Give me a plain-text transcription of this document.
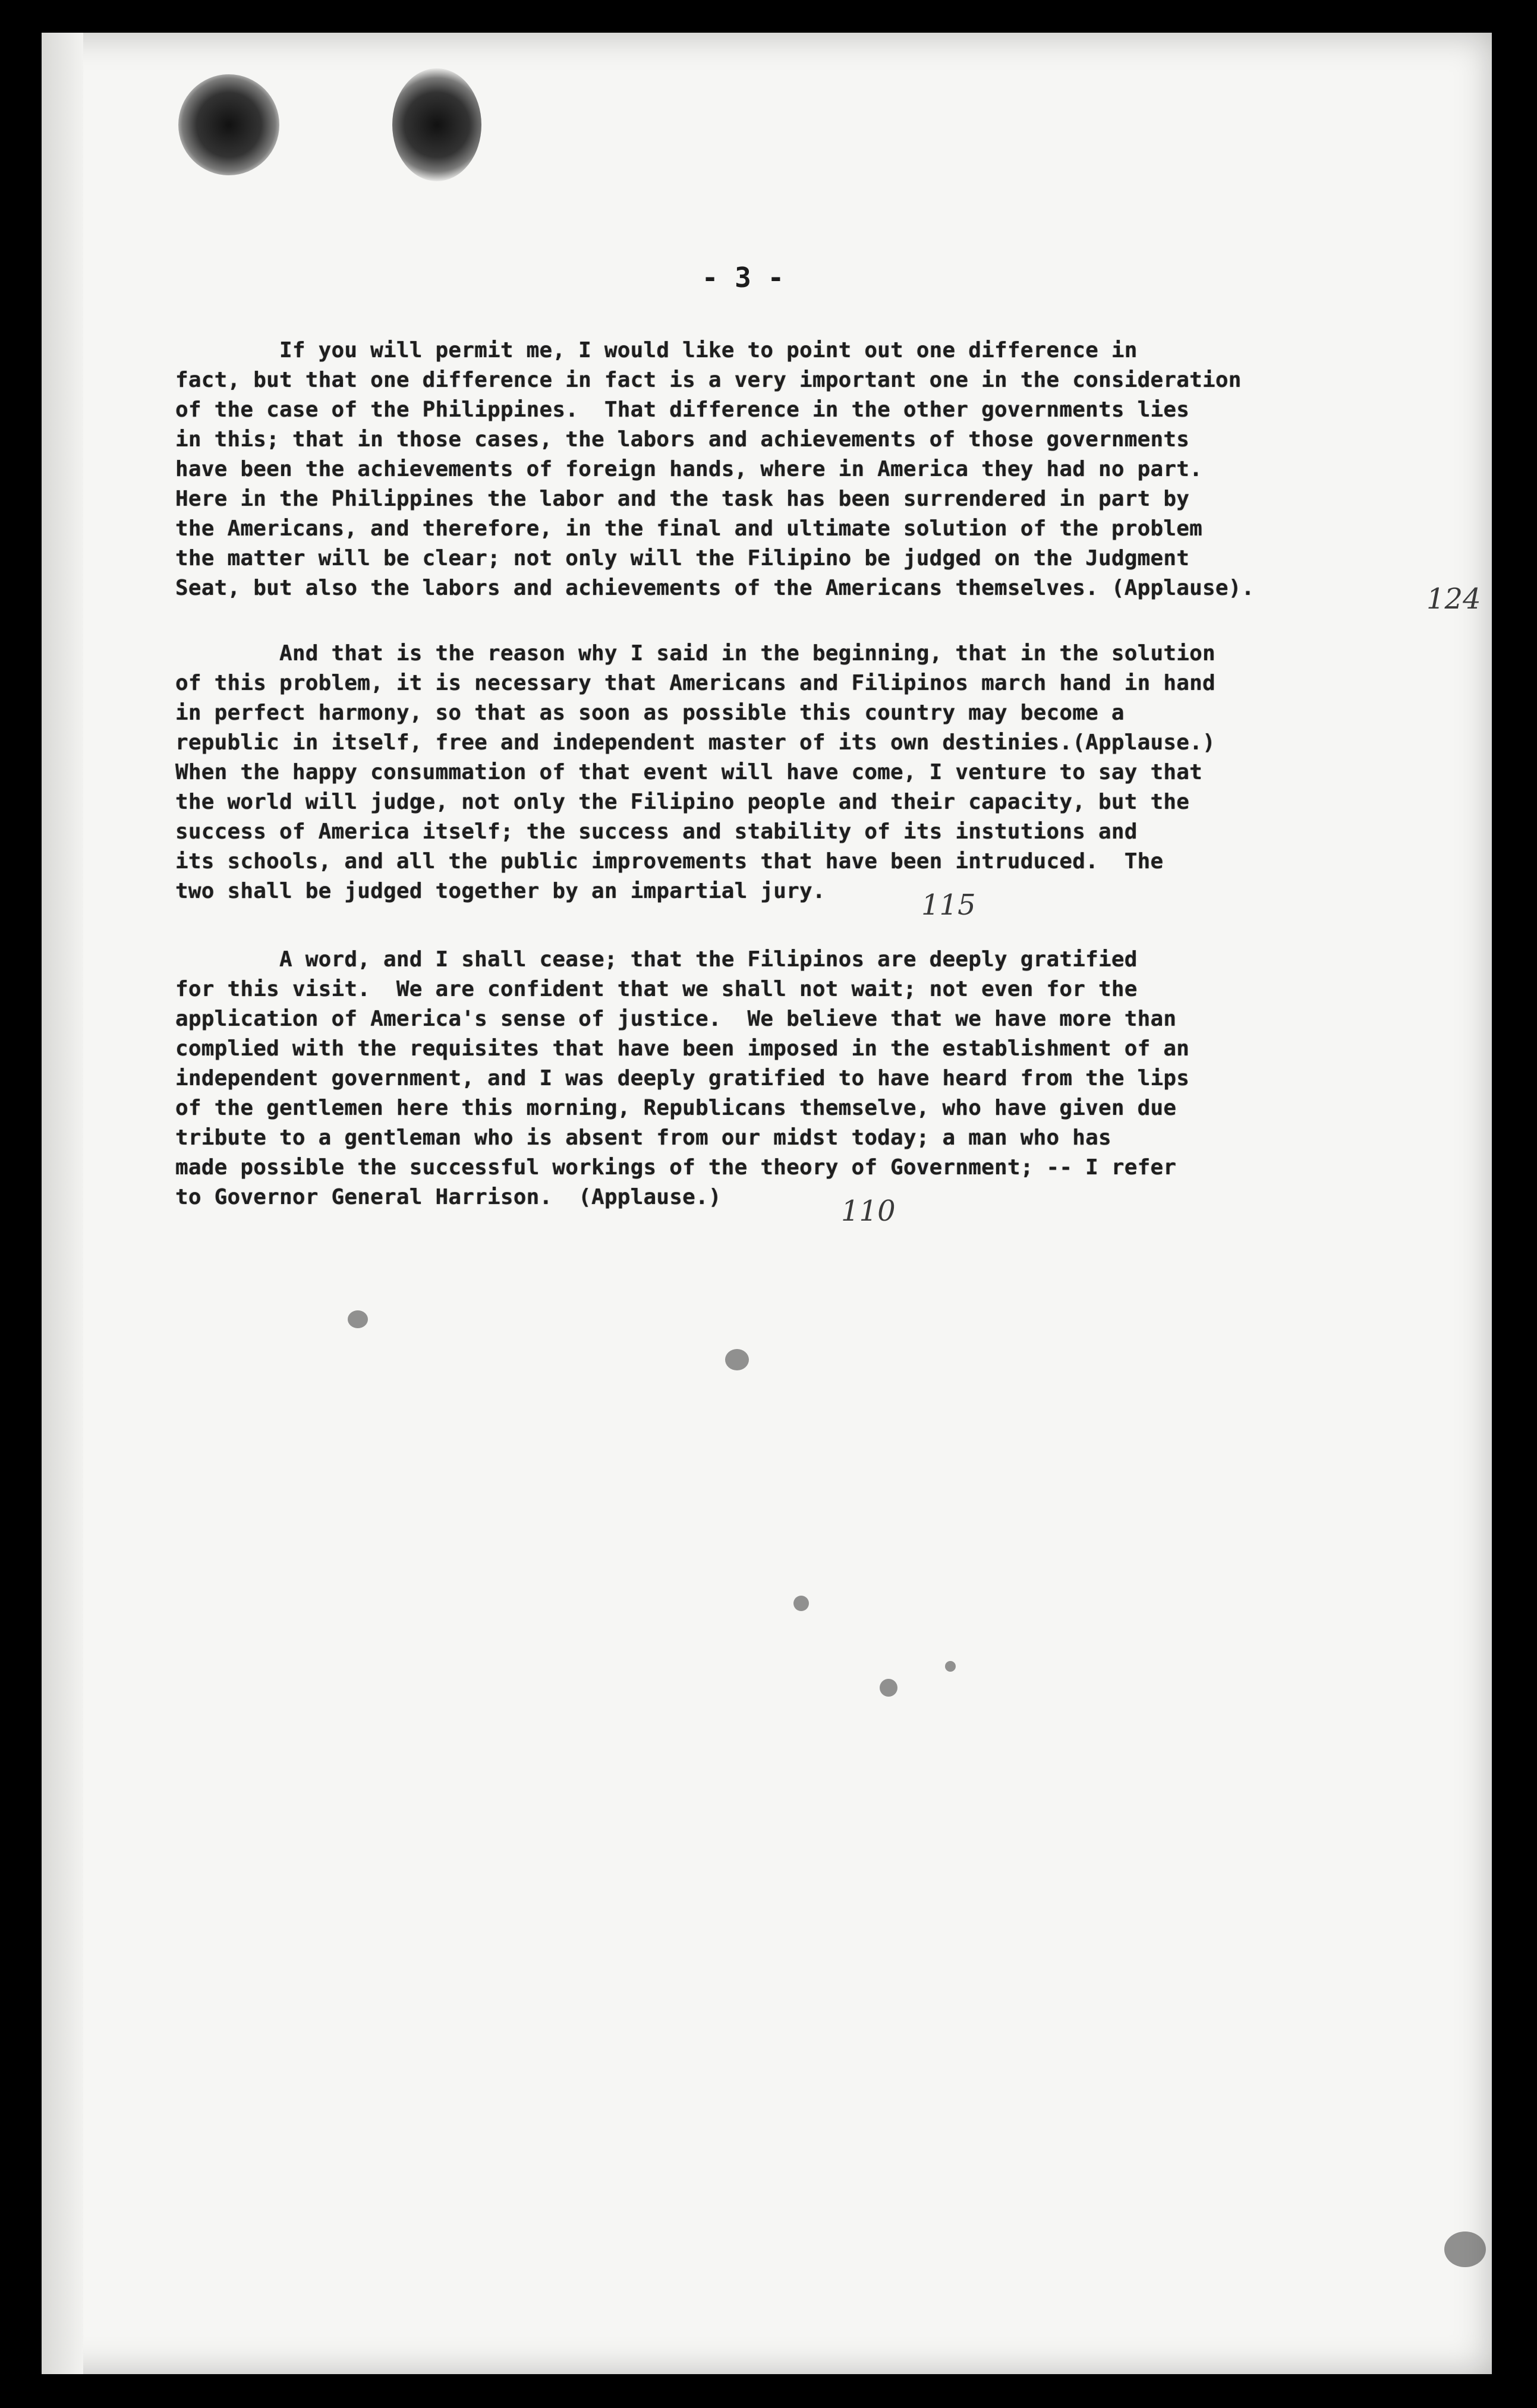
- 3 -
If you will permit me, I would like to point out one difference in
fact, but that one difference in fact is a very important one in the consideration
of the case of the Philippines.  That difference in the other governments lies
in this; that in those cases, the labors and achievements of those governments
have been the achievements of foreign hands, where in America they had no part.
Here in the Philippines the labor and the task has been surrendered in part by
the Americans, and therefore, in the final and ultimate solution of the problem
the matter will be clear; not only will the Filipino be judged on the Judgment
Seat, but also the labors and achievements of the Americans themselves. (Applause).
And that is the reason why I said in the beginning, that in the solution
of this problem, it is necessary that Americans and Filipinos march hand in hand
in perfect harmony, so that as soon as possible this country may become a
republic in itself, free and independent master of its own destinies.(Applause.)
When the happy consummation of that event will have come, I venture to say that
the world will judge, not only the Filipino people and their capacity, but the
success of America itself; the success and stability of its instutions and
its schools, and all the public improvements that have been intruduced.  The
two shall be judged together by an impartial jury.
A word, and I shall cease; that the Filipinos are deeply gratified
for this visit.  We are confident that we shall not wait; not even for the
application of America's sense of justice.  We believe that we have more than
complied with the requisites that have been imposed in the establishment of an
independent government, and I was deeply gratified to have heard from the lips
of the gentlemen here this morning, Republicans themselve, who have given due
tribute to a gentleman who is absent from our midst today; a man who has
made possible the successful workings of the theory of Government; -- I refer
to Governor General Harrison.  (Applause.)
124
115
110
